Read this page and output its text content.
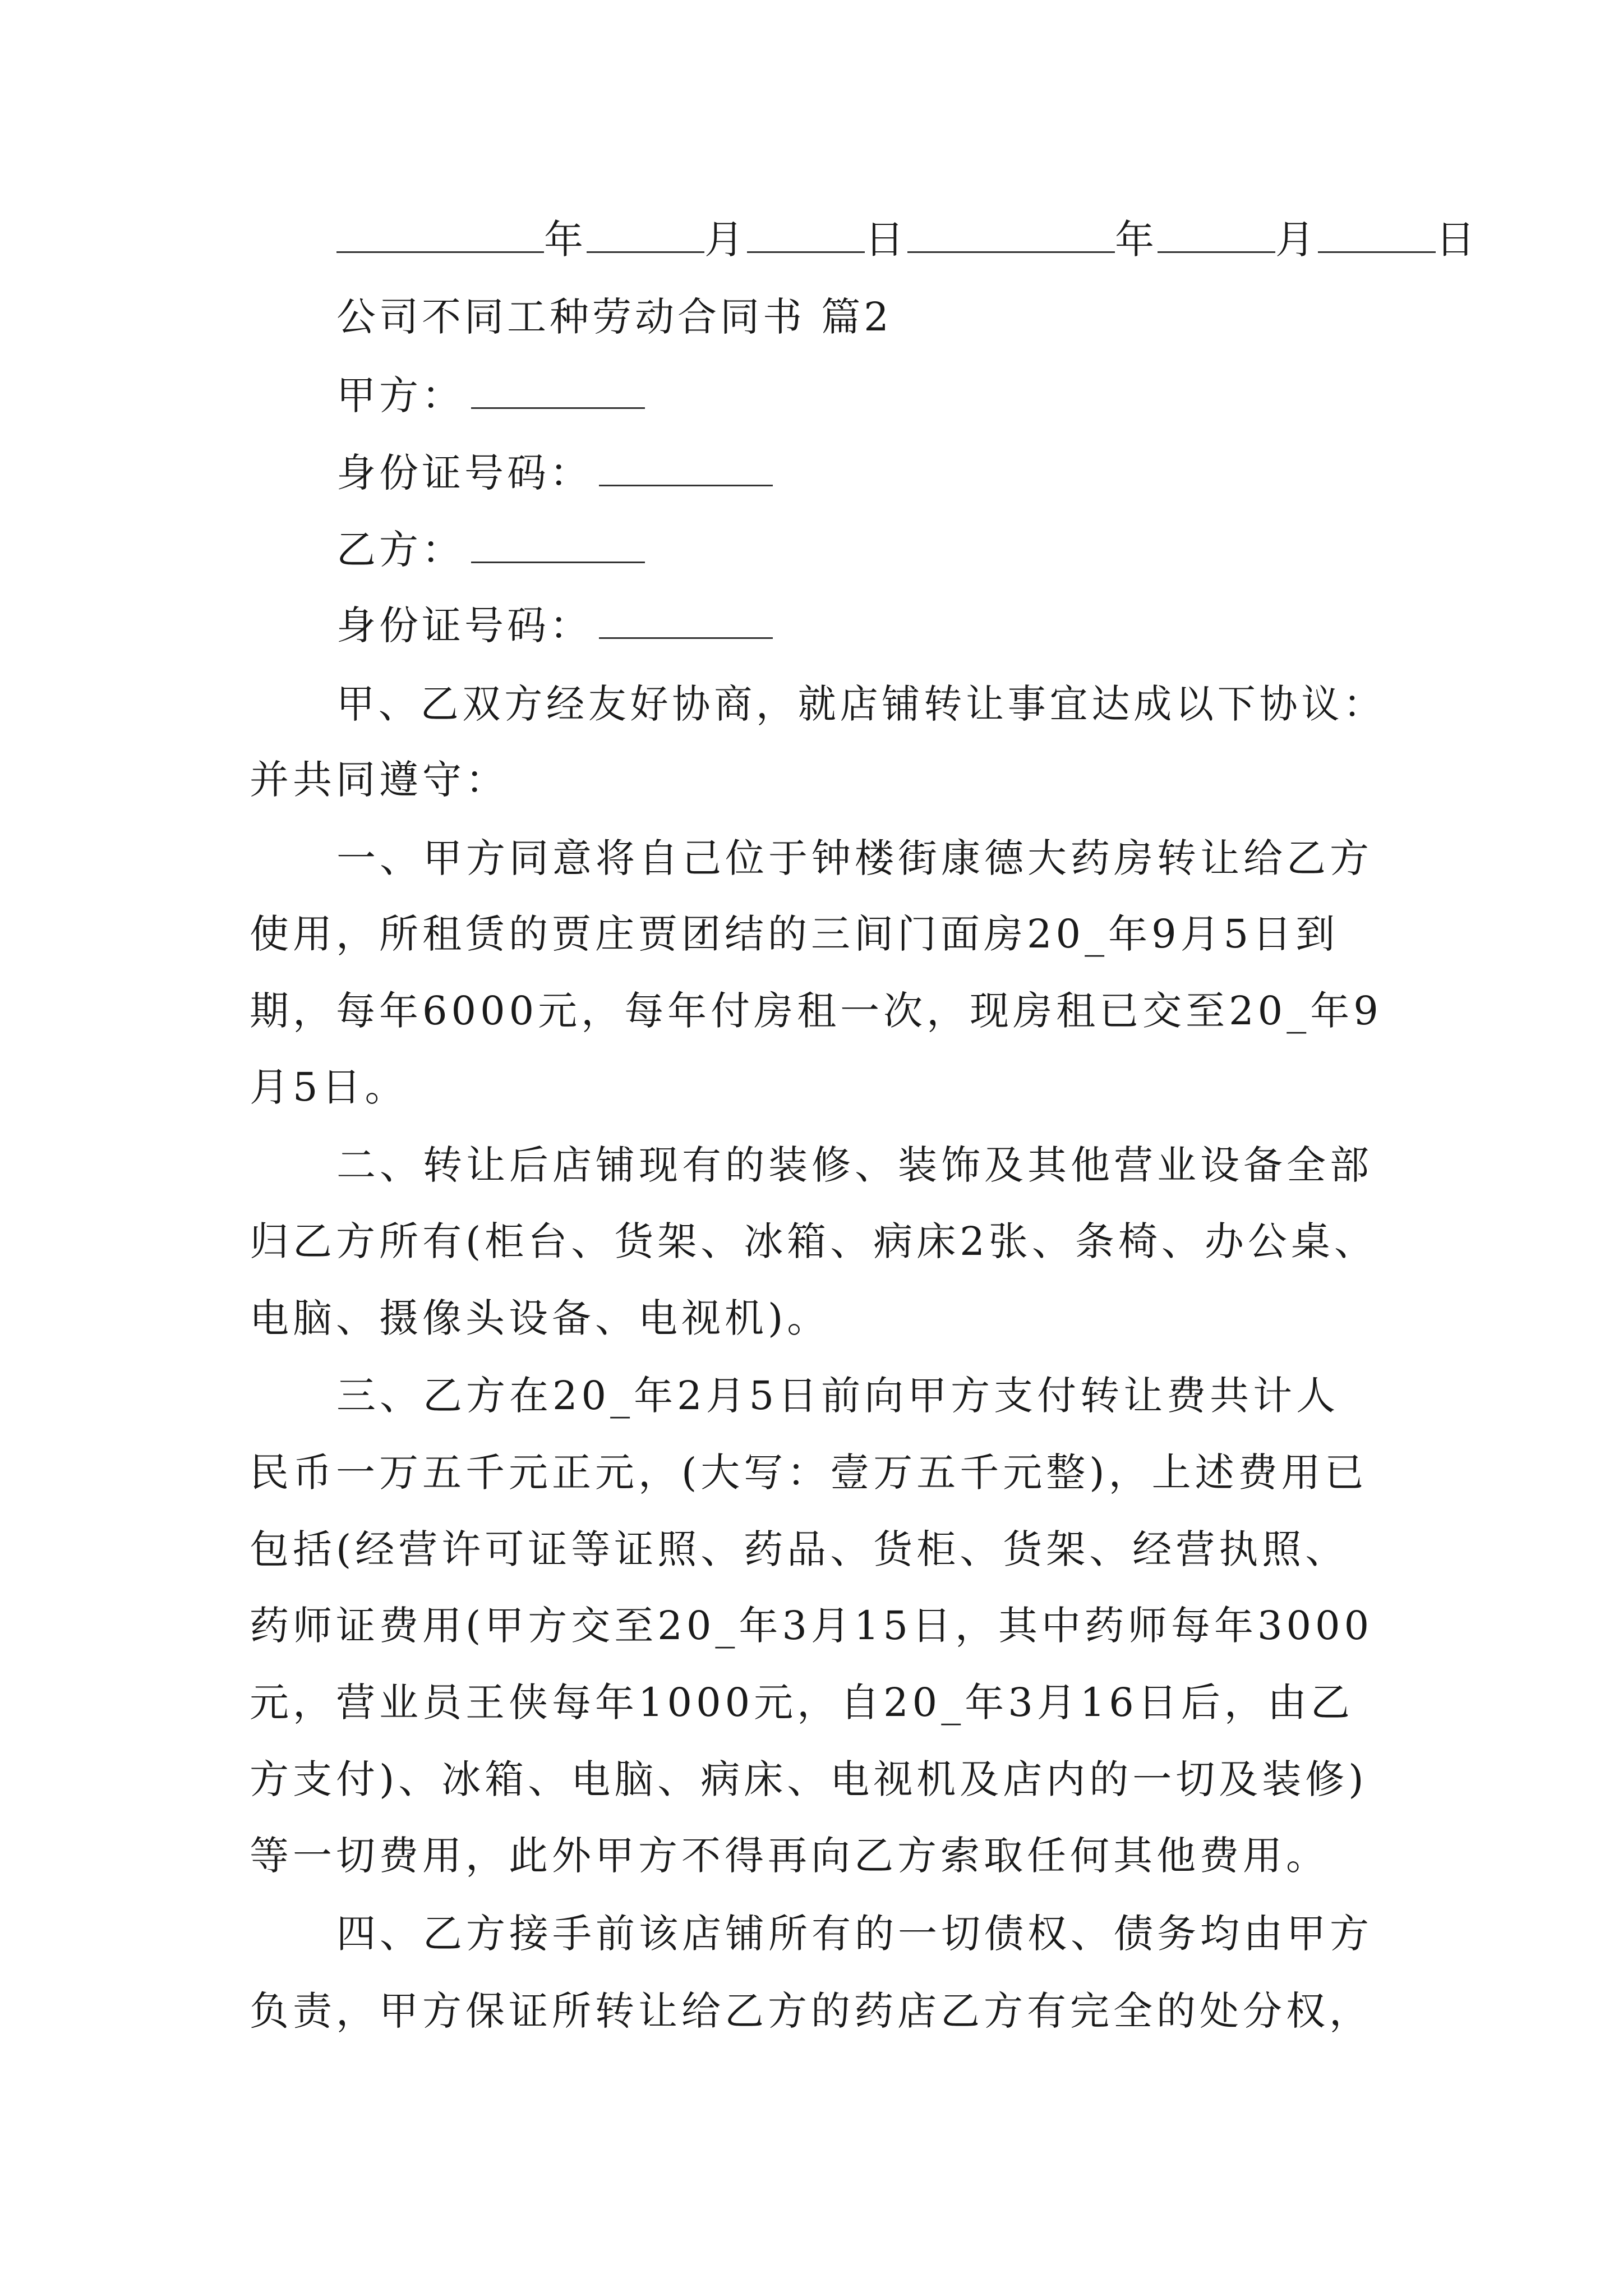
年	月	日	年	月	日
公司不同工种劳动合同书 篇2
甲方：
身份证号码：
乙方：
身份证号码：
甲、乙双方经友好协商，就店铺转让事宜达成以下协议：
并共同遵守：
一、甲方同意将自己位于钟楼街康德大药房转让给乙方
使用，所租赁的贾庄贾团结的三间门面房20_年9月5日到
期，每年6000元，每年付房租一次，现房租已交至20_年9
月5日。
二、转让后店铺现有的装修、装饰及其他营业设备全部
归乙方所有(柜台、货架、冰箱、病床2张、条椅、办公桌、
电脑、摄像头设备、电视机)。
三、乙方在20_年2月5日前向甲方支付转让费共计人
民币一万五千元正元，(大写：壹万五千元整)，上述费用已
包括(经营许可证等证照、药品、货柜、货架、经营执照、
药师证费用(甲方交至20_年3月15日，其中药师每年3000
元，营业员王侠每年1000元，自20_年3月16日后，由乙
方支付)、冰箱、电脑、病床、电视机及店内的一切及装修)
等一切费用，此外甲方不得再向乙方索取任何其他费用。
四、乙方接手前该店铺所有的一切债权、债务均由甲方
负责，甲方保证所转让给乙方的药店乙方有完全的处分权，
